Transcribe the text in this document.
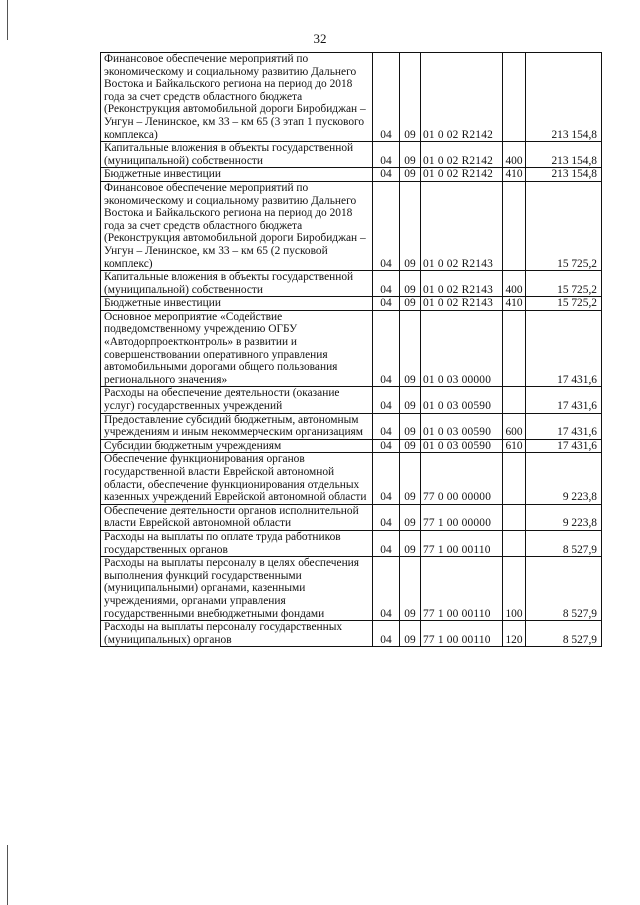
32
Финансовое обеспечение мероприятий по экономическому и социальному развитию Дальнего Востока и Байкальского региона на период до 2018 года за счет средств областного бюджета (Реконструкция автомобильной дороги Биробиджан – Унгун – Ленинское, км 33 – км 65 (3 этап 1 пускового комплекса)	04	09	01 0 02 R2142		213 154,8
Капитальные вложения в объекты государственной (муниципальной) собственности	04	09	01 0 02 R2142	400	213 154,8
Бюджетные инвестиции	04	09	01 0 02 R2142	410	213 154,8
Финансовое обеспечение мероприятий по экономическому и социальному развитию Дальнего Востока и Байкальского региона на период до 2018 года за счет средств областного бюджета (Реконструкция автомобильной дороги Биробиджан – Унгун – Ленинское, км 33 – км 65 (2 пусковой комплекс)	04	09	01 0 02 R2143		15 725,2
Капитальные вложения в объекты государственной (муниципальной) собственности	04	09	01 0 02 R2143	400	15 725,2
Бюджетные инвестиции	04	09	01 0 02 R2143	410	15 725,2
Основное мероприятие «Содействие подведомственному учреждению ОГБУ «Автодорпроектконтроль» в развитии и совершенствовании оперативного управления автомобильными дорогами общего пользования регионального значения»	04	09	01 0 03 00000		17 431,6
Расходы на обеспечение деятельности (оказание услуг) государственных учреждений	04	09	01 0 03 00590		17 431,6
Предоставление субсидий бюджетным, автономным учреждениям и иным некоммерческим организациям	04	09	01 0 03 00590	600	17 431,6
Субсидии бюджетным учреждениям	04	09	01 0 03 00590	610	17 431,6
Обеспечение функционирования органов государственной власти Еврейской автономной области, обеспечение функционирования отдельных казенных учреждений Еврейской автономной области	04	09	77 0 00 00000		9 223,8
Обеспечение деятельности органов исполнительной власти Еврейской автономной области	04	09	77 1 00 00000		9 223,8
Расходы на выплаты по оплате труда работников государственных органов	04	09	77 1 00 00110		8 527,9
Расходы на выплаты персоналу в целях обеспечения выполнения функций государственными (муниципальными) органами, казенными учреждениями, органами управления государственными внебюджетными фондами	04	09	77 1 00 00110	100	8 527,9
Расходы на выплаты персоналу государственных (муниципальных) органов	04	09	77 1 00 00110	120	8 527,9
